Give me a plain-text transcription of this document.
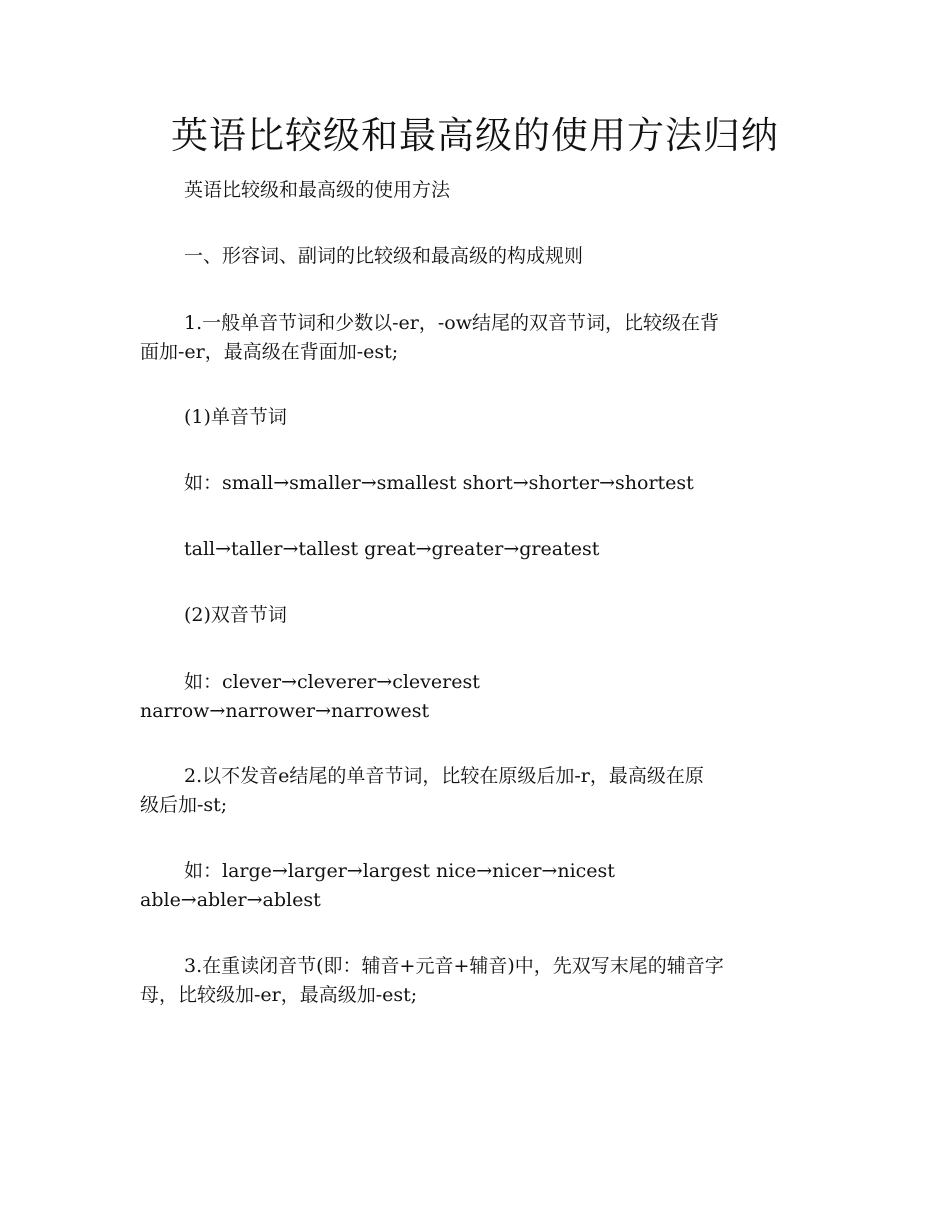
英语比较级和最高级的使用方法归纳
英语比较级和最高级的使用方法
一、形容词、副词的比较级和最高级的构成规则
1.一般单音节词和少数以-er，-ow结尾的双音节词，比较级在背
面加-er，最高级在背面加-est;
(1)单音节词
如：small→smaller→smallest short→shorter→shortest
tall→taller→tallest great→greater→greatest
(2)双音节词
如：clever→cleverer→cleverest
narrow→narrower→narrowest
2.以不发音e结尾的单音节词，比较在原级后加-r，最高级在原
级后加-st;
如：large→larger→largest nice→nicer→nicest
able→abler→ablest
3.在重读闭音节(即：辅音+元音+辅音)中，先双写末尾的辅音字
母，比较级加-er，最高级加-est;
